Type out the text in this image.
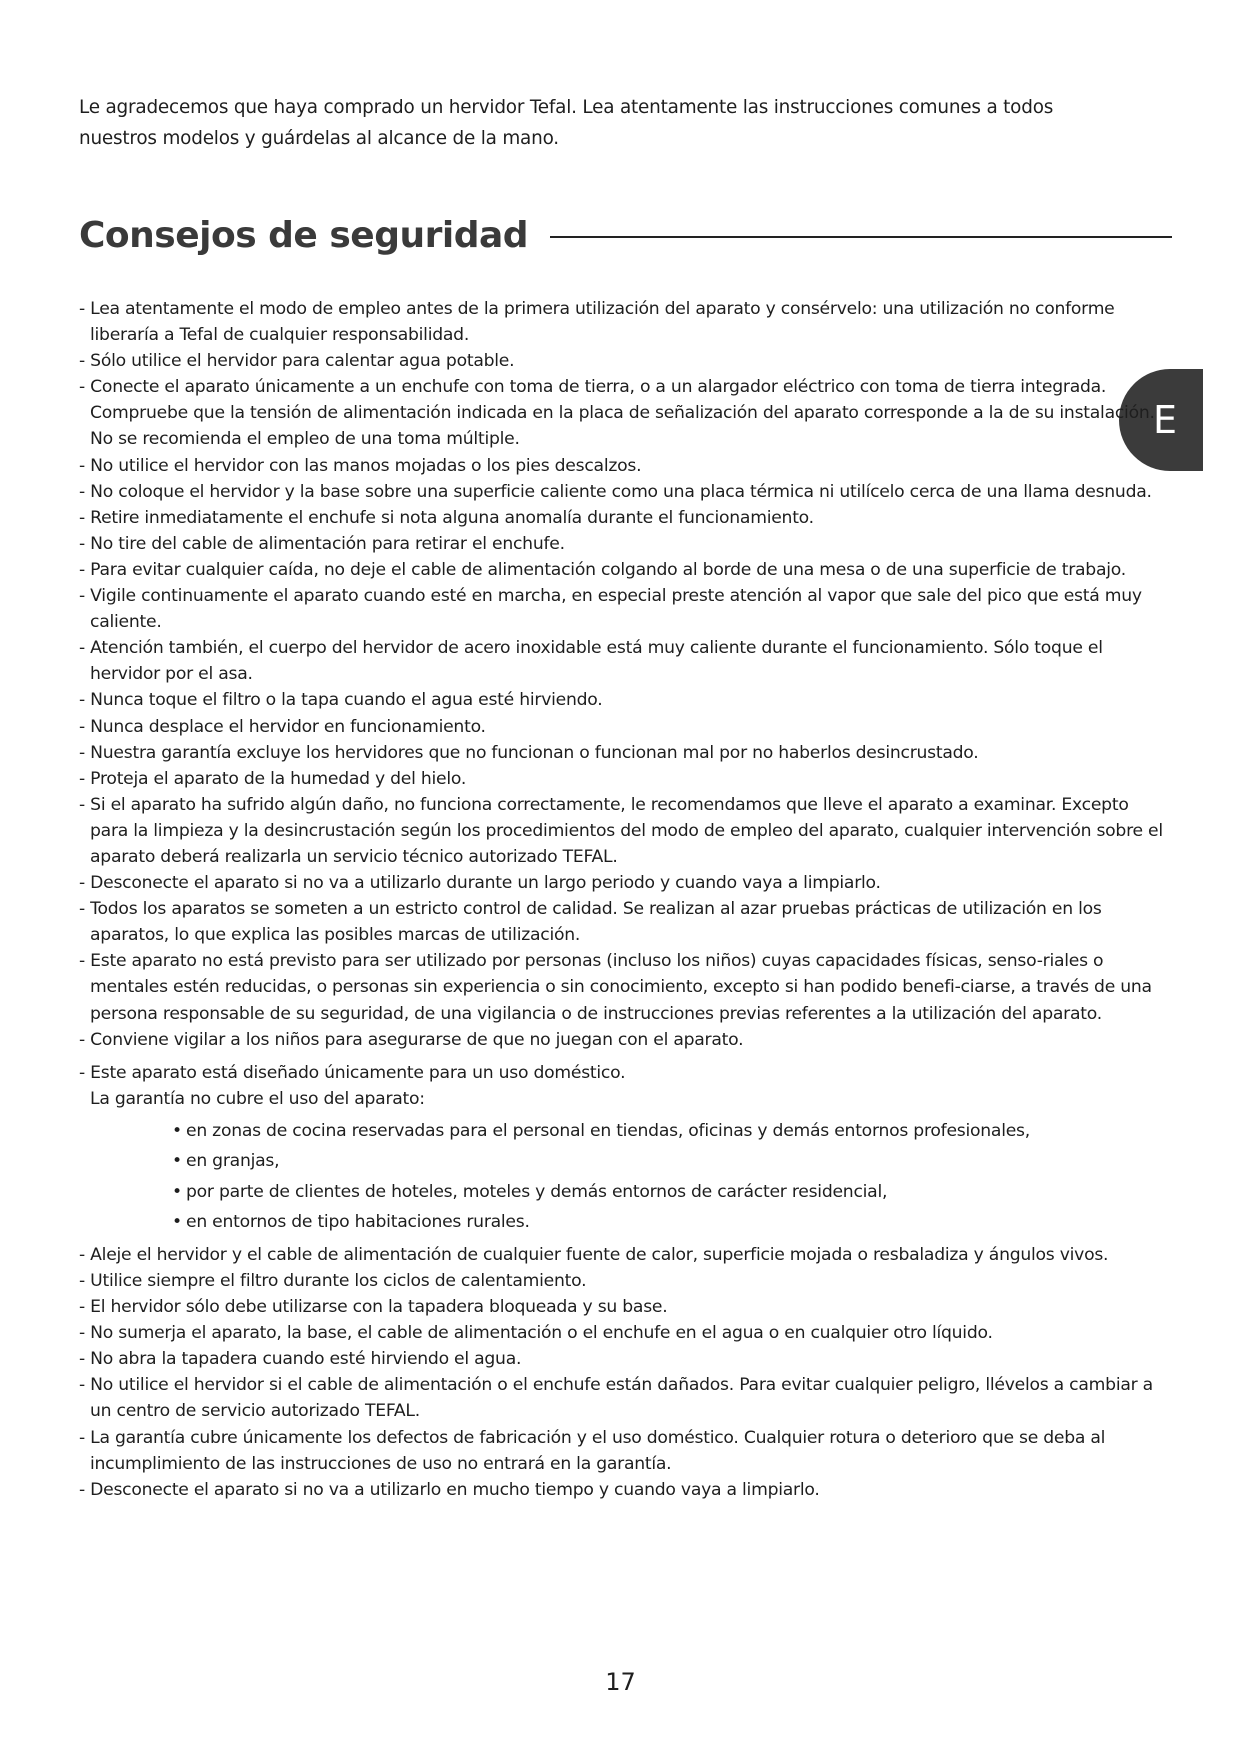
Le agradecemos que haya comprado un hervidor Tefal. Lea atentamente las instrucciones comunes a todos nuestros modelos y guárdelas al alcance de la mano.

Consejos de seguridad
E
- Lea atentamente el modo de empleo antes de la primera utilización del aparato y consérvelo: una utilización no conforme liberaría a Tefal de cualquier responsabilidad.
- Sólo utilice el hervidor para calentar agua potable.
- Conecte el aparato únicamente a un enchufe con toma de tierra, o a un alargador eléctrico con toma de tierra integrada. Compruebe que la tensión de alimentación indicada en la placa de señalización del aparato corresponde a la de su instalación. No se recomienda el empleo de una toma múltiple.
- No utilice el hervidor con las manos mojadas o los pies descalzos.
- No coloque el hervidor y la base sobre una superficie caliente como una placa térmica ni utilícelo cerca de una llama desnuda.
- Retire inmediatamente el enchufe si nota alguna anomalía durante el funcionamiento.
- No tire del cable de alimentación para retirar el enchufe.
- Para evitar cualquier caída, no deje el cable de alimentación colgando al borde de una mesa o de una superficie de trabajo.
- Vigile continuamente el aparato cuando esté en marcha, en especial preste atención al vapor que sale del pico que está muy caliente.
- Atención también, el cuerpo del hervidor de acero inoxidable está muy caliente durante el funcionamiento. Sólo toque el hervidor por el asa.
- Nunca toque el filtro o la tapa cuando el agua esté hirviendo.
- Nunca desplace el hervidor en funcionamiento.
- Nuestra garantía excluye los hervidores que no funcionan o funcionan mal por no haberlos desincrustado.
- Proteja el aparato de la humedad y del hielo.
- Si el aparato ha sufrido algún daño, no funciona correctamente, le recomendamos que lleve el aparato a examinar. Excepto para la limpieza y la desincrustación según los procedimientos del modo de empleo del aparato, cualquier intervención sobre el aparato deberá realizarla un servicio técnico autorizado TEFAL.
- Desconecte el aparato si no va a utilizarlo durante un largo periodo y cuando vaya a limpiarlo.
- Todos los aparatos se someten a un estricto control de calidad. Se realizan al azar pruebas prácticas de utilización en los aparatos, lo que explica las posibles marcas de utilización.
- Este aparato no está previsto para ser utilizado por personas (incluso los niños) cuyas capacidades físicas, senso-riales o mentales estén reducidas, o personas sin experiencia o sin conocimiento, excepto si han podido benefi-ciarse, a través de una persona responsable de su seguridad, de una vigilancia o de instrucciones previas referentes a la utilización del aparato.
- Conviene vigilar a los niños para asegurarse de que no juegan con el aparato.
- Este aparato está diseñado únicamente para un uso doméstico.
La garantía no cubre el uso del aparato:
• en zonas de cocina reservadas para el personal en tiendas, oficinas y demás entornos profesionales,
• en granjas,
• por parte de clientes de hoteles, moteles y demás entornos de carácter residencial,
• en entornos de tipo habitaciones rurales.
- Aleje el hervidor y el cable de alimentación de cualquier fuente de calor, superficie mojada o resbaladiza y ángulos vivos.
- Utilice siempre el filtro durante los ciclos de calentamiento.
- El hervidor sólo debe utilizarse con la tapadera bloqueada y su base.
- No sumerja el aparato, la base, el cable de alimentación o el enchufe en el agua o en cualquier otro líquido.
- No abra la tapadera cuando esté hirviendo el agua.
- No utilice el hervidor si el cable de alimentación o el enchufe están dañados. Para evitar cualquier peligro, llévelos a cambiar a un centro de servicio autorizado TEFAL.
- La garantía cubre únicamente los defectos de fabricación y el uso doméstico. Cualquier rotura o deterioro que se deba al incumplimiento de las instrucciones de uso no entrará en la garantía.
- Desconecte el aparato si no va a utilizarlo en mucho tiempo y cuando vaya a limpiarlo.

17
